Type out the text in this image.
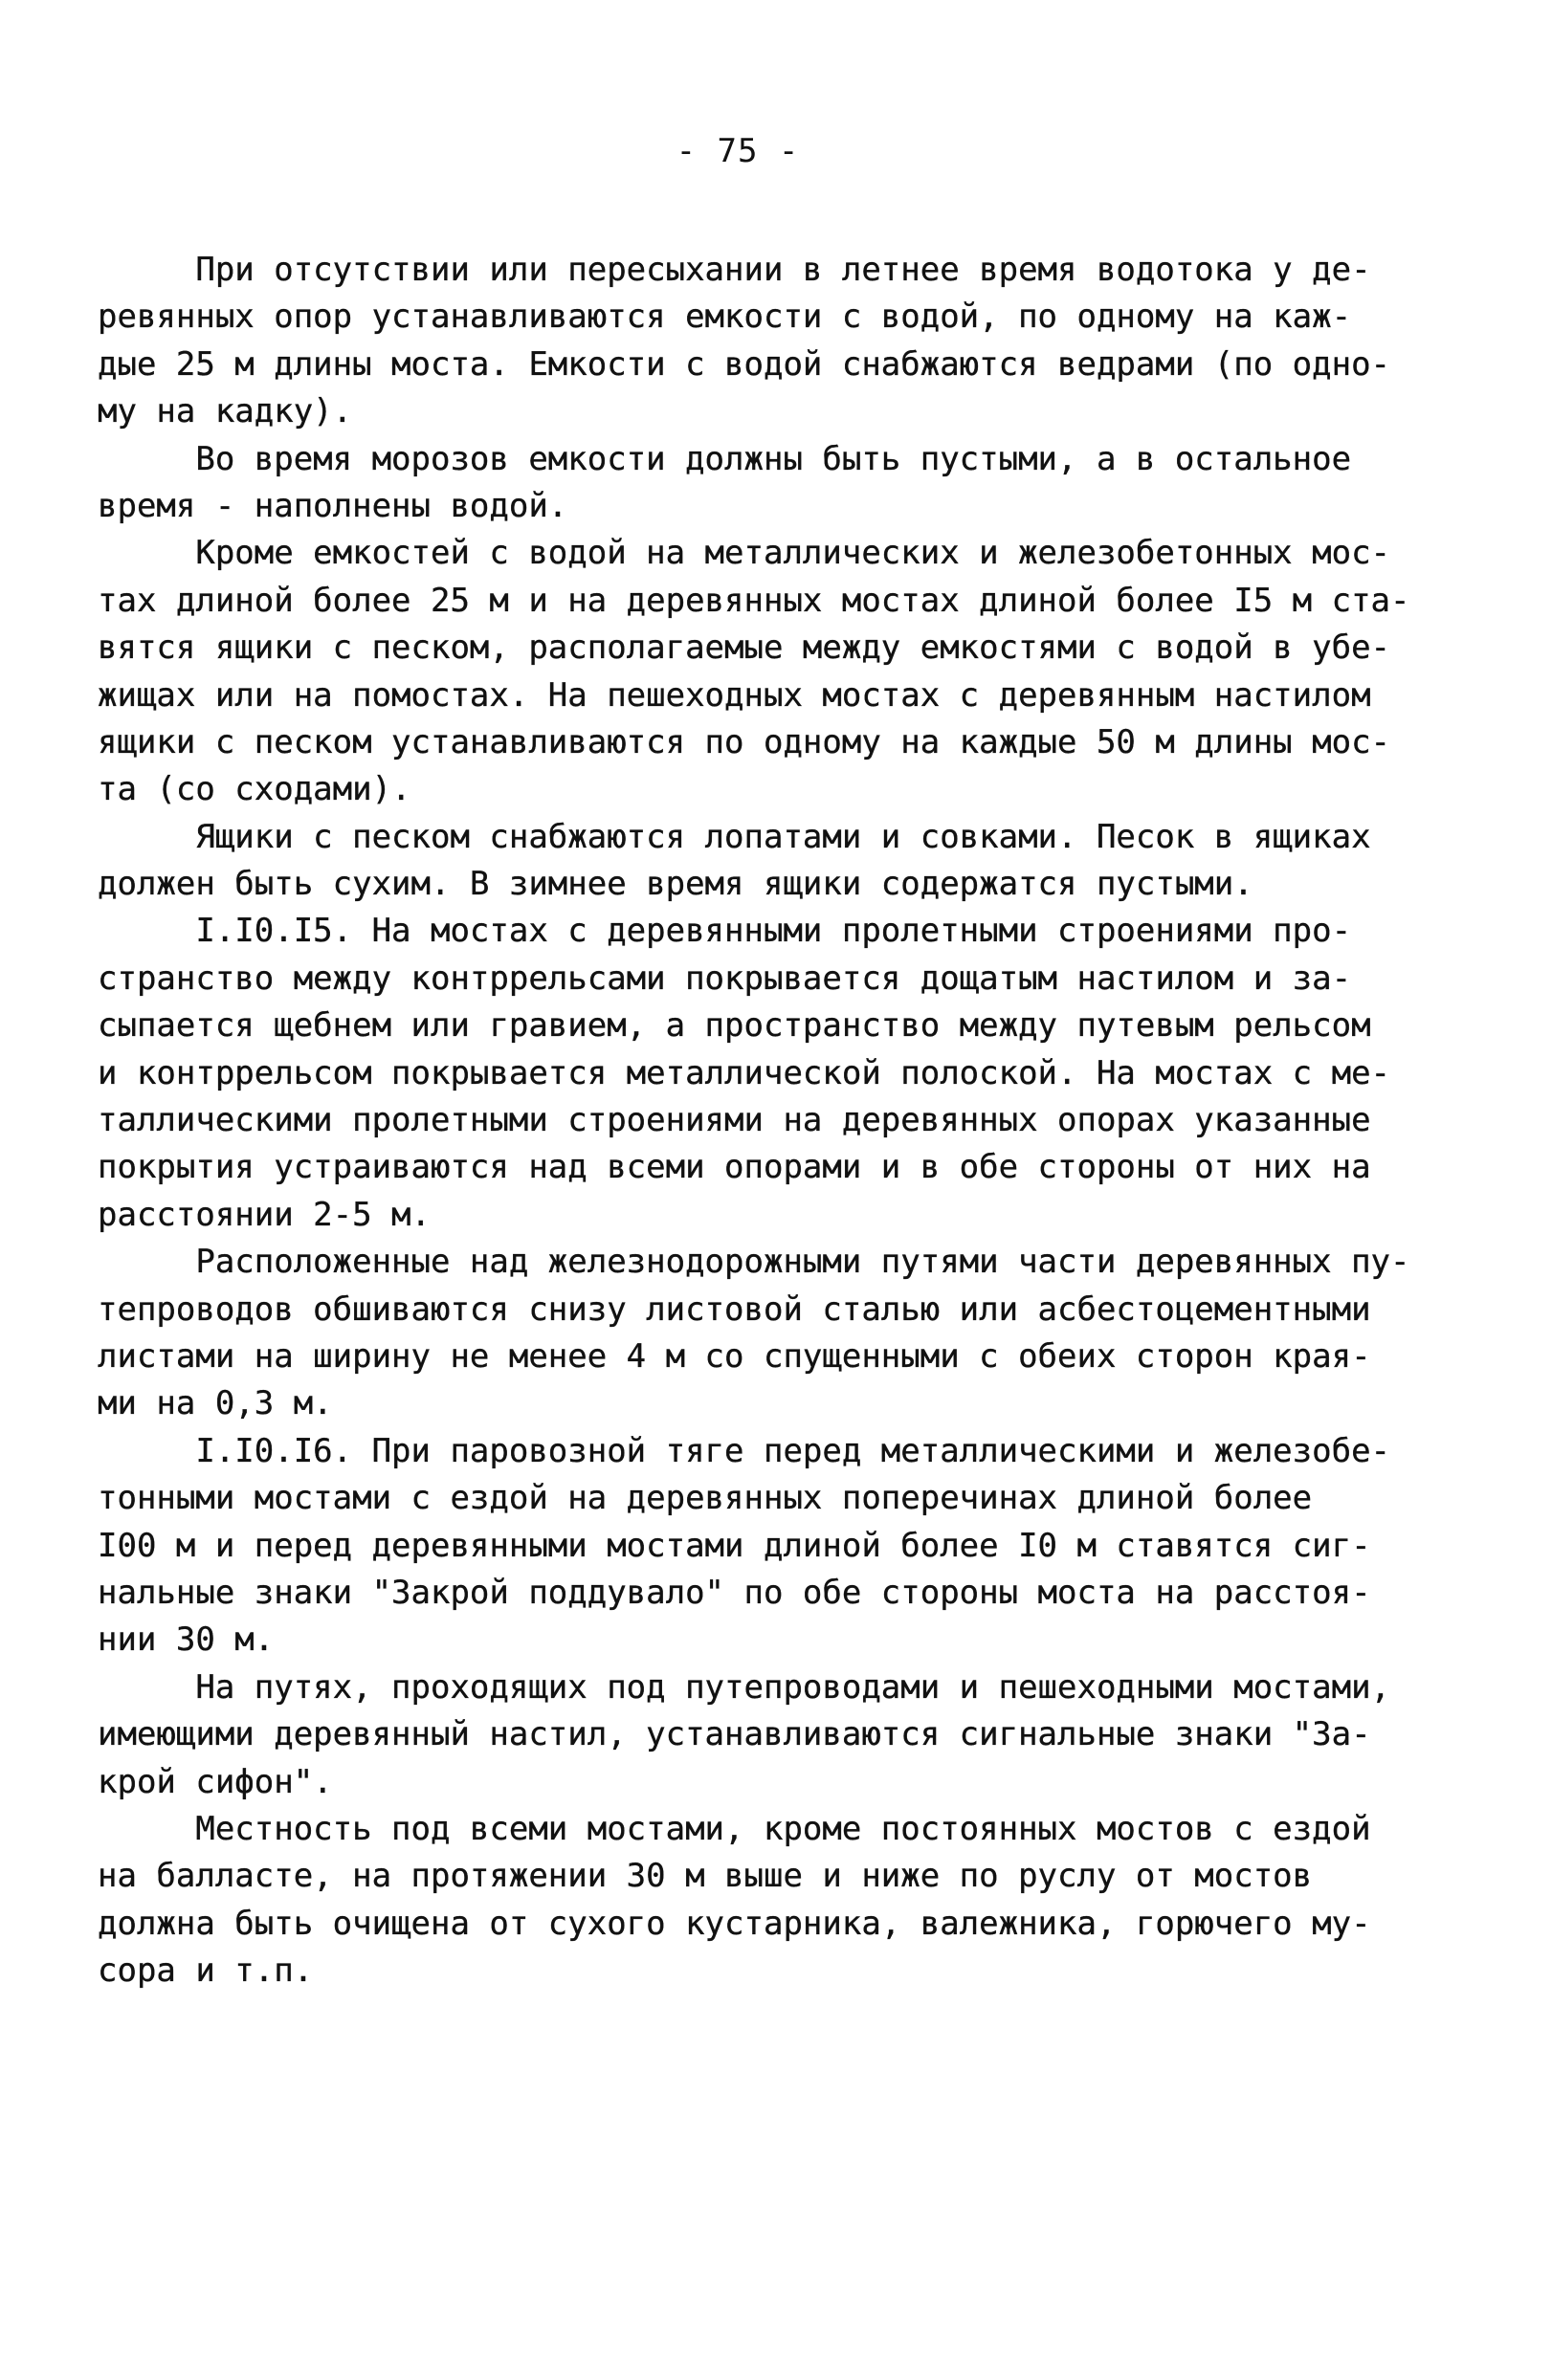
- 75 -
При отсутствии или пересыхании в летнее время водотока у де-
ревянных опор устанавливаются емкости с водой, по одному на каж-
дые 25 м длины моста. Емкости с водой снабжаются ведрами (по одно-
му на кадку).
Во время морозов емкости должны быть пустыми, а в остальное
время - наполнены водой.
Кроме емкостей с водой на металлических и железобетонных мос-
тах длиной более 25 м и на деревянных мостах длиной более I5 м ста-
вятся ящики с песком, располагаемые между емкостями с водой в убе-
жищах или на помостах. На пешеходных мостах с деревянным настилом
ящики с песком устанавливаются по одному на каждые 50 м длины мос-
та (со сходами).
Ящики с песком снабжаются лопатами и совками. Песок в ящиках
должен быть сухим. В зимнее время ящики содержатся пустыми.
I.I0.I5. На мостах с деревянными пролетными строениями про-
странство между контррельсами покрывается дощатым настилом и за-
сыпается щебнем или гравием, а пространство между путевым рельсом
и контррельсом покрывается металлической полоской. На мостах с ме-
таллическими пролетными строениями на деревянных опорах указанные
покрытия устраиваются над всеми опорами и в обе стороны от них на
расстоянии 2-5 м.
Расположенные над железнодорожными путями части деревянных пу-
тепроводов обшиваются снизу листовой сталью или асбестоцементными
листами на ширину не менее 4 м со спущенными с обеих сторон края-
ми на 0,3 м.
I.I0.I6. При паровозной тяге перед металлическими и железобе-
тонными мостами с ездой на деревянных поперечинах длиной более
I00 м и перед деревянными мостами длиной более I0 м ставятся сиг-
нальные знаки "Закрой поддувало" по обе стороны моста на расстоя-
нии 30 м.
На путях, проходящих под путепроводами и пешеходными мостами,
имеющими деревянный настил, устанавливаются сигнальные знаки "За-
крой сифон".
Местность под всеми мостами, кроме постоянных мостов с ездой
на балласте, на протяжении 30 м выше и ниже по руслу от мостов
должна быть очищена от сухого кустарника, валежника, горючего му-
сора и т.п.
